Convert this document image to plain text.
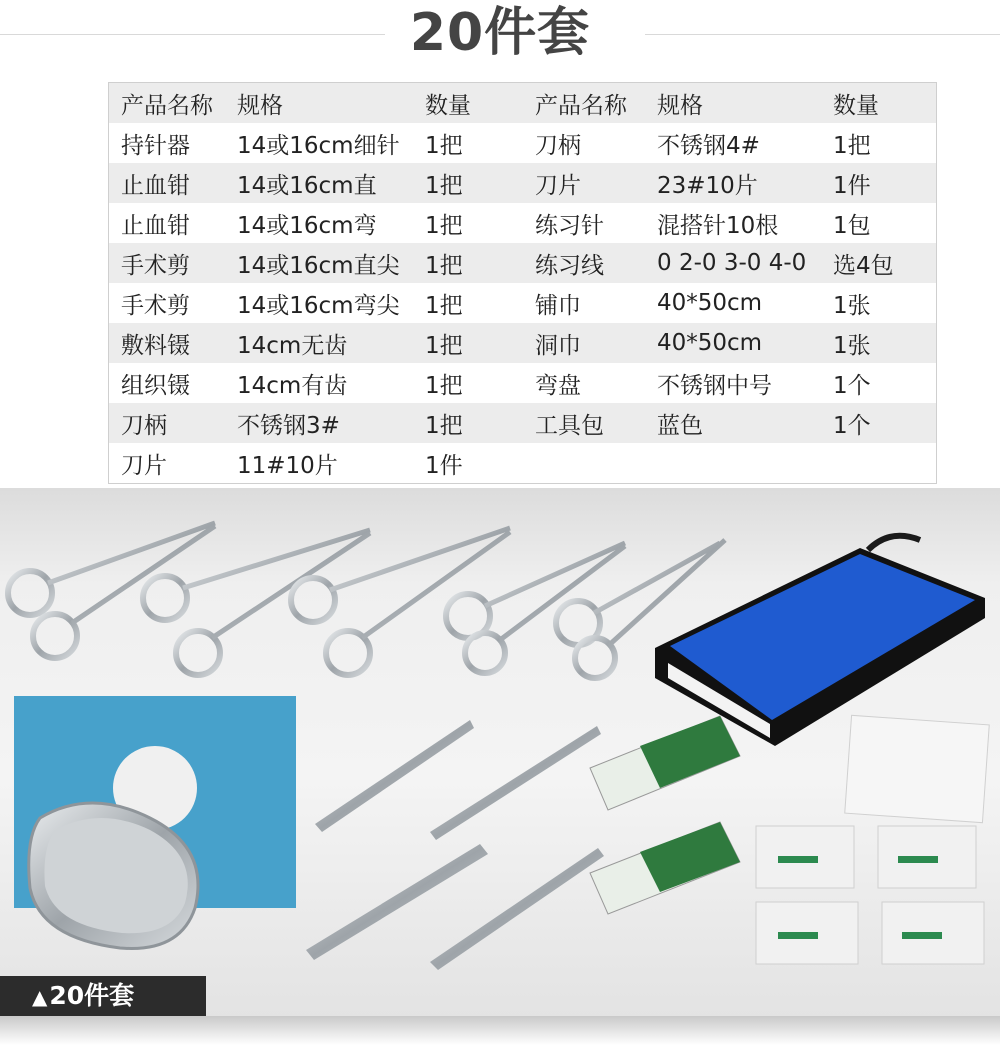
20件套
产品名称	规格	数量	产品名称	规格	数量
持针器	14或16cm细针	1把	刀柄	不锈钢4#	1把
止血钳	14或16cm直	1把	刀片	23#10片	1件
止血钳	14或16cm弯	1把	练习针	混搭针10根	1包
手术剪	14或16cm直尖	1把	练习线	0 2-0 3-0 4-0	选4包
手术剪	14或16cm弯尖	1把	铺巾	40*50cm	1张
敷料镊	14cm无齿	1把	洞巾	40*50cm	1张
组织镊	14cm有齿	1把	弯盘	不锈钢中号	1个
刀柄	不锈钢3#	1把	工具包	蓝色	1个
刀片	11#10片	1件			
▲20件套
